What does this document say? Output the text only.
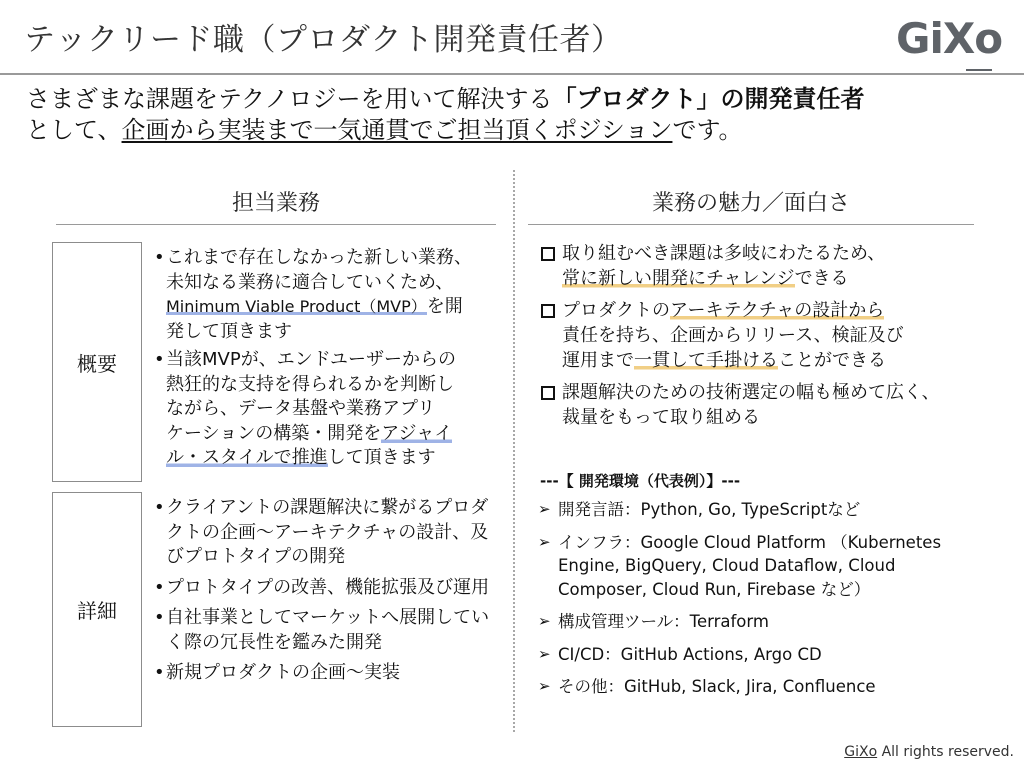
テックリード職（プロダクト開発責任者）	GiXo
さまざまな課題をテクノロジーを用いて解決する「プロダクト」の開発責任者
として、企画から実装まで一気通貫でご担当頂くポジションです。
担当業務
概要
• これまで存在しなかった新しい業務、
未知なる業務に適合していくため、
Minimum Viable Product（MVP）を開
発して頂きます
• 当該MVPが、エンドユーザーからの
熱狂的な支持を得られるかを判断し
ながら、データ基盤や業務アプリ
ケーションの構築・開発をアジャイ
ル・スタイルで推進して頂きます
詳細
• クライアントの課題解決に繋がるプロダクトの企画～アーキテクチャの設計、及びプロトタイプの開発
• プロトタイプの改善、機能拡張及び運用
• 自社事業としてマーケットへ展開していく際の冗長性を鑑みた開発
• 新規プロダクトの企画～実装
業務の魅力／面白さ
取り組むべき課題は多岐にわたるため、
常に新しい開発にチャレンジできる
プロダクトのアーキテクチャの設計から
責任を持ち、企画からリリース、検証及び
運用まで一貫して手掛けることができる
課題解決のための技術選定の幅も極めて広く、
裁量をもって取り組める
---【 開発環境（代表例）】---
➢ 開発言語：Python, Go, TypeScriptなど
➢ インフラ：Google Cloud Platform （Kubernetes Engine, BigQuery, Cloud Dataflow, Cloud Composer, Cloud Run, Firebase など）
➢ 構成管理ツール：Terraform
➢ CI/CD：GitHub Actions, Argo CD
➢ その他：GitHub, Slack, Jira, Confluence
GiXo All rights reserved.
